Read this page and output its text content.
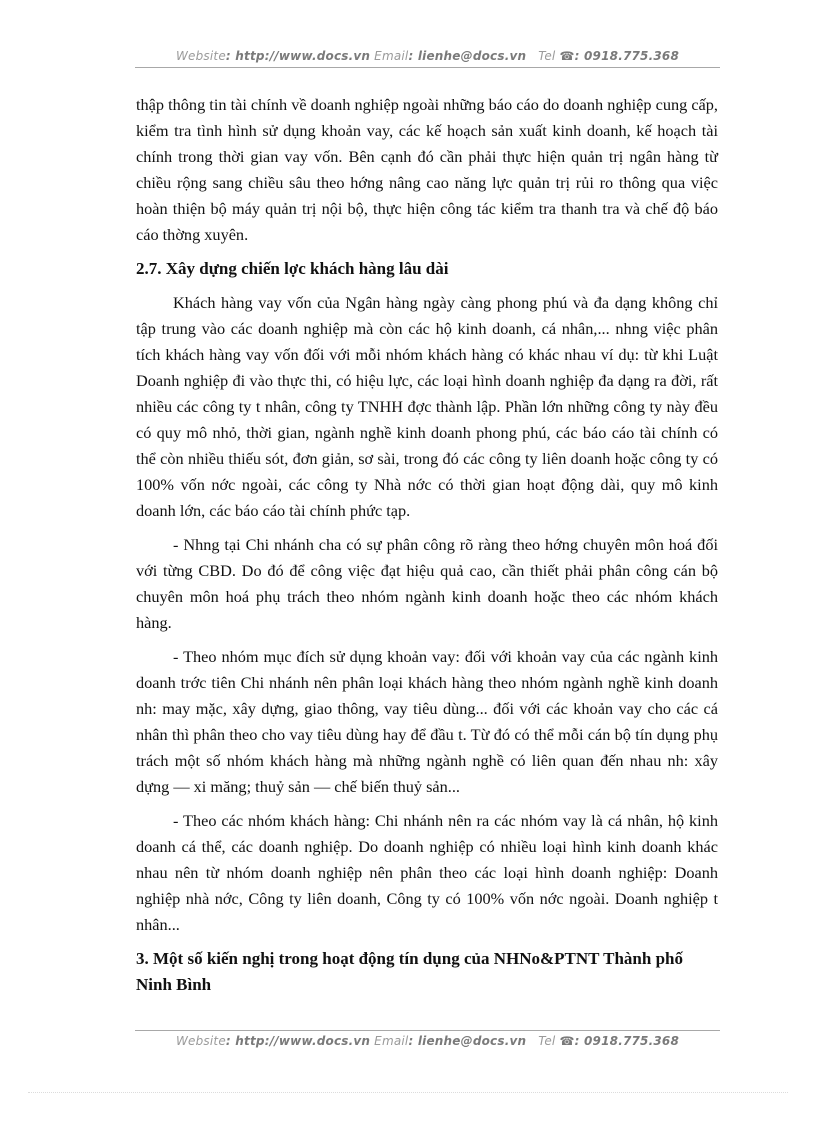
Website: http://www.docs.vn Email: lienhe@docs.vn Tel ☎: 0918.775.368

thập thông tin tài chính về doanh nghiệp ngoài những báo cáo do doanh nghiệp cung cấp, kiểm tra tình hình sử dụng khoản vay, các kế hoạch sản xuất kinh doanh, kế hoạch tài chính trong thời gian vay vốn. Bên cạnh đó cần phải thực hiện quản trị ngân hàng từ chiều rộng sang chiều sâu theo hớng nâng cao năng lực quản trị rủi ro thông qua việc hoàn thiện bộ máy quản trị nội bộ, thực hiện công tác kiểm tra thanh tra và chế độ báo cáo thờng xuyên.

2.7. Xây dựng chiến lợc khách hàng lâu dài

Khách hàng vay vốn của Ngân hàng ngày càng phong phú và đa dạng không chỉ tập trung vào các doanh nghiệp mà còn các hộ kinh doanh, cá nhân,... nhng việc phân tích khách hàng vay vốn đối với mỗi nhóm khách hàng có khác nhau ví dụ: từ khi Luật Doanh nghiệp đi vào thực thi, có hiệu lực, các loại hình doanh nghiệp đa dạng ra đời, rất nhiều các công ty t nhân, công ty TNHH đợc thành lập. Phần lớn những công ty này đều có quy mô nhỏ, thời gian, ngành nghề kinh doanh phong phú, các báo cáo tài chính có thể còn nhiều thiếu sót, đơn giản, sơ sài, trong đó các công ty liên doanh hoặc công ty có 100% vốn nớc ngoài, các công ty Nhà nớc có thời gian hoạt động dài, quy mô kinh doanh lớn, các báo cáo tài chính phức tạp.

- Nhng tại Chi nhánh cha có sự phân công rõ ràng theo hớng chuyên môn hoá đối với từng CBD. Do đó để công việc đạt hiệu quả cao, cần thiết phải phân công cán bộ chuyên môn hoá phụ trách theo nhóm ngành kinh doanh hoặc theo các nhóm khách hàng.

- Theo nhóm mục đích sử dụng khoản vay: đối với khoản vay của các ngành kinh doanh trớc tiên Chi nhánh nên phân loại khách hàng theo nhóm ngành nghề kinh doanh nh: may mặc, xây dựng, giao thông, vay tiêu dùng... đối với các khoản vay cho các cá nhân thì phân theo cho vay tiêu dùng hay để đầu t. Từ đó có thể mỗi cán bộ tín dụng phụ trách một số nhóm khách hàng mà những ngành nghề có liên quan đến nhau nh: xây dựng — xi măng; thuỷ sản — chế biến thuỷ sản...

- Theo các nhóm khách hàng: Chi nhánh nên ra các nhóm vay là cá nhân, hộ kinh doanh cá thể, các doanh nghiệp. Do doanh nghiệp có nhiều loại hình kinh doanh khác nhau nên từ nhóm doanh nghiệp nên phân theo các loại hình doanh nghiệp: Doanh nghiệp nhà nớc, Công ty liên doanh, Công ty có 100% vốn nớc ngoài. Doanh nghiệp t nhân...

3. Một số kiến nghị trong hoạt động tín dụng của NHNo&PTNT Thành phố Ninh Bình
Website: http://www.docs.vn Email: lienhe@docs.vn Tel ☎: 0918.775.368
